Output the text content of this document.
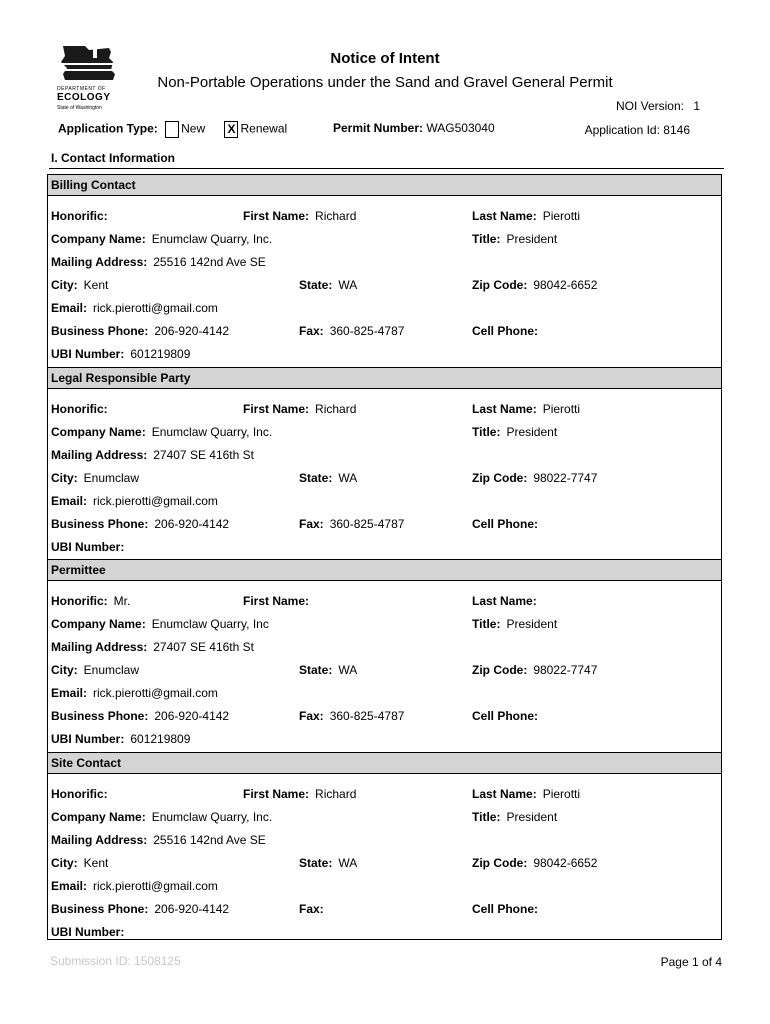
DEPARTMENT OF
ECOLOGY
State of Washington
Notice of Intent
Non-Portable Operations under the Sand and Gravel General Permit
NOI Version: 1
Application Type: New X Renewal	Permit Number: WAG503040	Application Id: 8146
I. Contact Information
Billing Contact
Honorific:	First Name: Richard	Last Name: Pierotti
Company Name: Enumclaw Quarry, Inc.	Title: President
Mailing Address: 25516 142nd Ave SE
City: Kent	State: WA	Zip Code: 98042-6652
Email: rick.pierotti@gmail.com
Business Phone: 206-920-4142	Fax: 360-825-4787	Cell Phone:
UBI Number: 601219809
Legal Responsible Party
Honorific:	First Name: Richard	Last Name: Pierotti
Company Name: Enumclaw Quarry, Inc.	Title: President
Mailing Address: 27407 SE 416th St
City: Enumclaw	State: WA	Zip Code: 98022-7747
Email: rick.pierotti@gmail.com
Business Phone: 206-920-4142	Fax: 360-825-4787	Cell Phone:
UBI Number:
Permittee
Honorific: Mr.	First Name:	Last Name:
Company Name: Enumclaw Quarry, Inc	Title: President
Mailing Address: 27407 SE 416th St
City: Enumclaw	State: WA	Zip Code: 98022-7747
Email: rick.pierotti@gmail.com
Business Phone: 206-920-4142	Fax: 360-825-4787	Cell Phone:
UBI Number: 601219809
Site Contact
Honorific:	First Name: Richard	Last Name: Pierotti
Company Name: Enumclaw Quarry, Inc.	Title: President
Mailing Address: 25516 142nd Ave SE
City: Kent	State: WA	Zip Code: 98042-6652
Email: rick.pierotti@gmail.com
Business Phone: 206-920-4142	Fax:	Cell Phone:
UBI Number:
Submission ID: 1508125	Page 1 of 4
